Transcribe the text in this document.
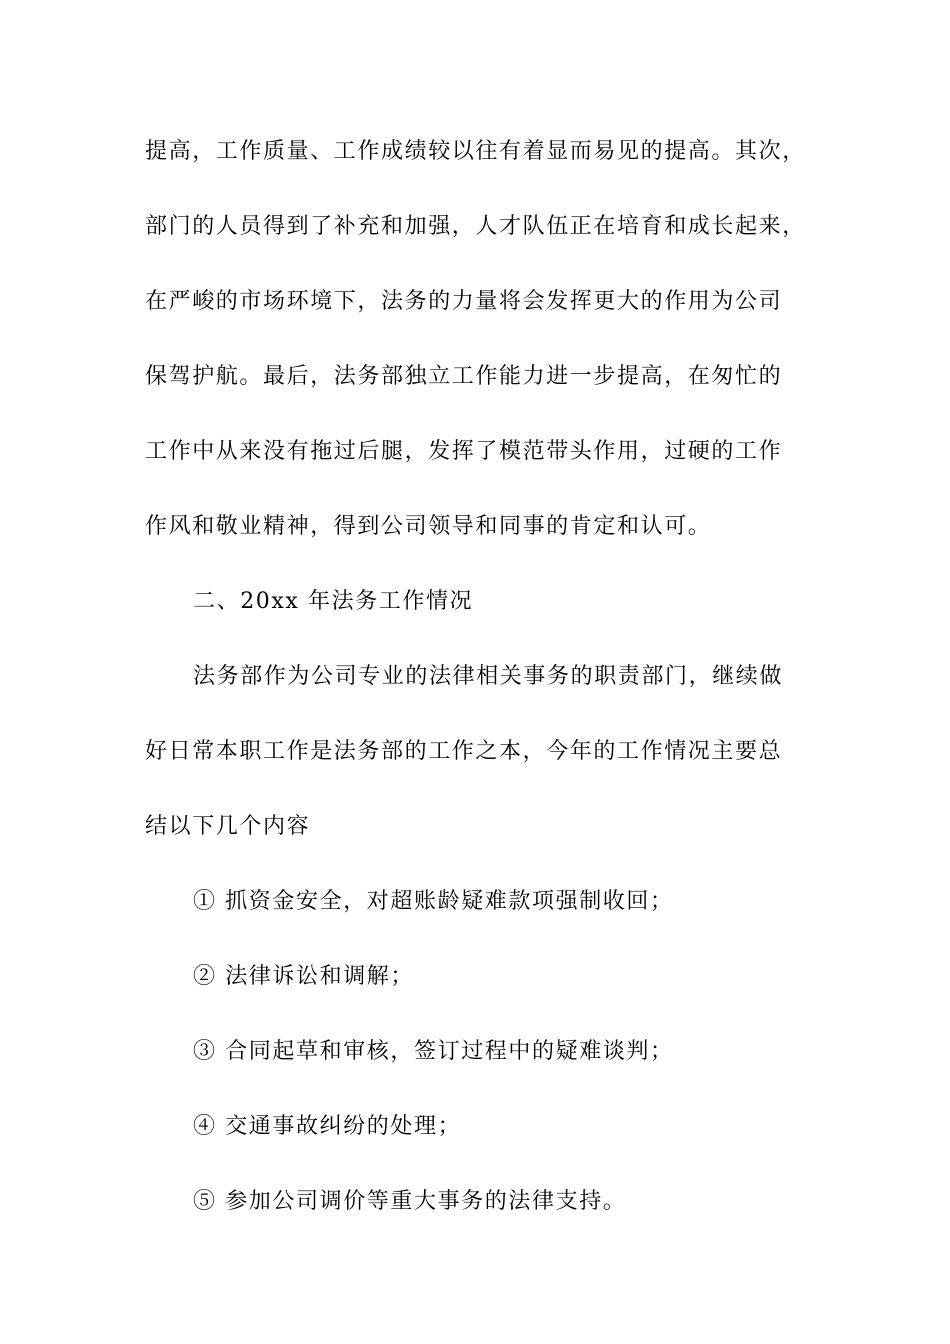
提高，工作质量、工作成绩较以往有着显而易见的提高。其次，
部门的人员得到了补充和加强，人才队伍正在培育和成长起来，
在严峻的市场环境下，法务的力量将会发挥更大的作用为公司
保驾护航。最后，法务部独立工作能力进一步提高，在匆忙的
工作中从来没有拖过后腿，发挥了模范带头作用，过硬的工作
作风和敬业精神，得到公司领导和同事的肯定和认可。
二、20xx 年法务工作情况
法务部作为公司专业的法律相关事务的职责部门，继续做
好日常本职工作是法务部的工作之本，今年的工作情况主要总
结以下几个内容
① 抓资金安全，对超账龄疑难款项强制收回；
② 法律诉讼和调解；
③ 合同起草和审核，签订过程中的疑难谈判；
④ 交通事故纠纷的处理；
⑤ 参加公司调价等重大事务的法律支持。
